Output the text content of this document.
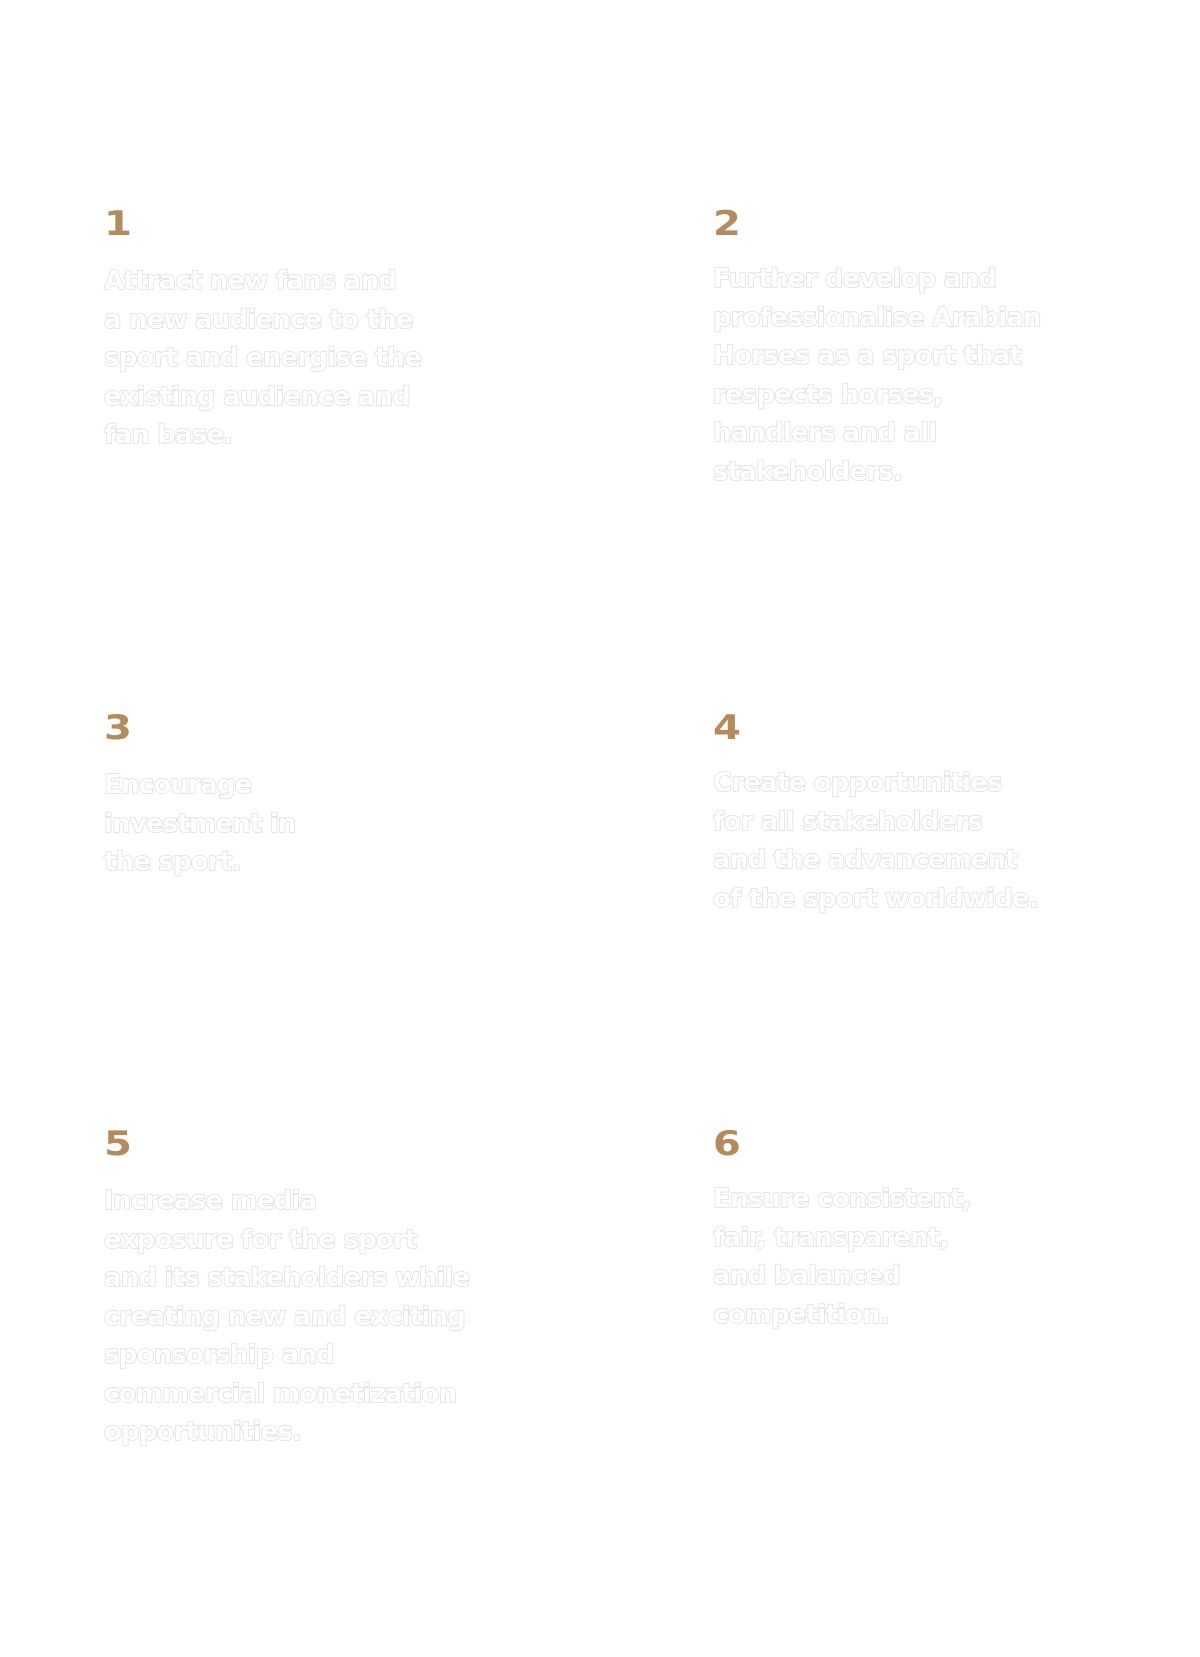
1
Attract new fans and
a new audience to the
sport and energise the
existing audience and
fan base.
2
Further develop and
professionalise Arabian
Horses as a sport that
respects horses,
handlers and all
stakeholders.
3
Encourage
investment in
the sport.
4
Create opportunities
for all stakeholders
and the advancement
of the sport worldwide.
5
Increase media
exposure for the sport
and its stakeholders while
creating new and exciting
sponsorship and
commercial monetization
opportunities.
6
Ensure consistent,
fair, transparent,
and balanced
competition.
